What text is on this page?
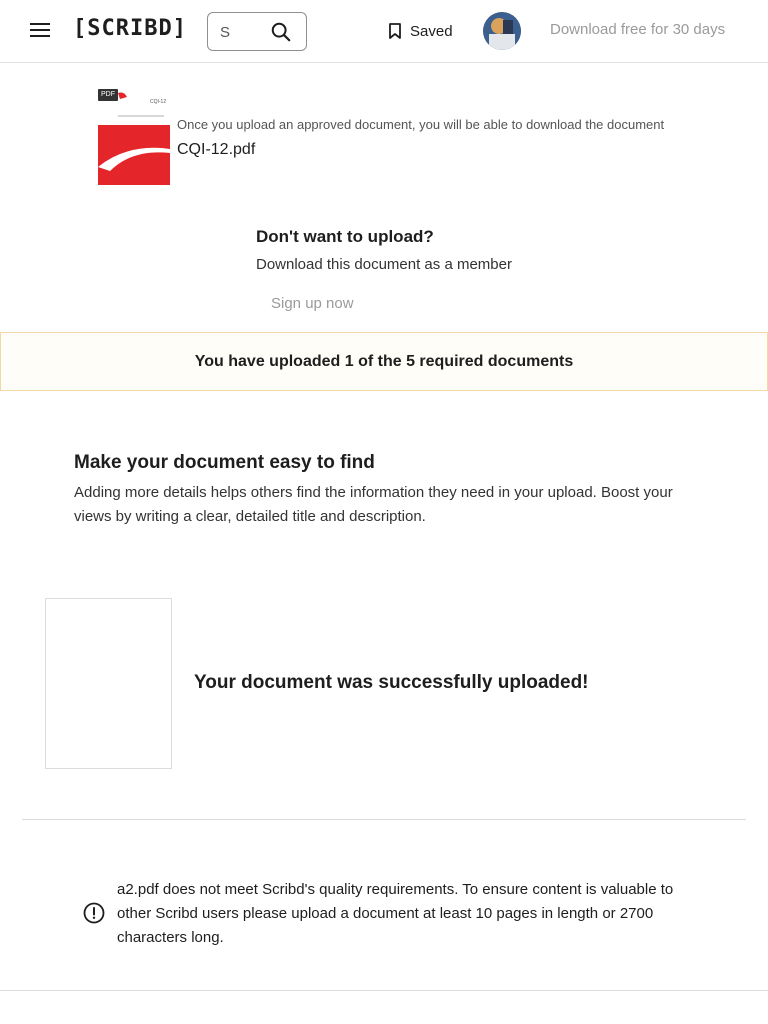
[SCRIBD]
S	Saved	Download free for 30 days
PDF
CQI-12
Once you upload an approved document, you will be able to download the document
CQI-12.pdf
Don't want to upload?
Download this document as a member
Sign up now
You have uploaded 1 of the 5 required documents
Make your document easy to find
Adding more details helps others find the information they need in your upload. Boost your views by writing a clear, detailed title and description.
Your document was successfully uploaded!
a2.pdf does not meet Scribd's quality requirements. To ensure content is valuable to other Scribd users please upload a document at least 10 pages in length or 2700 characters long.
